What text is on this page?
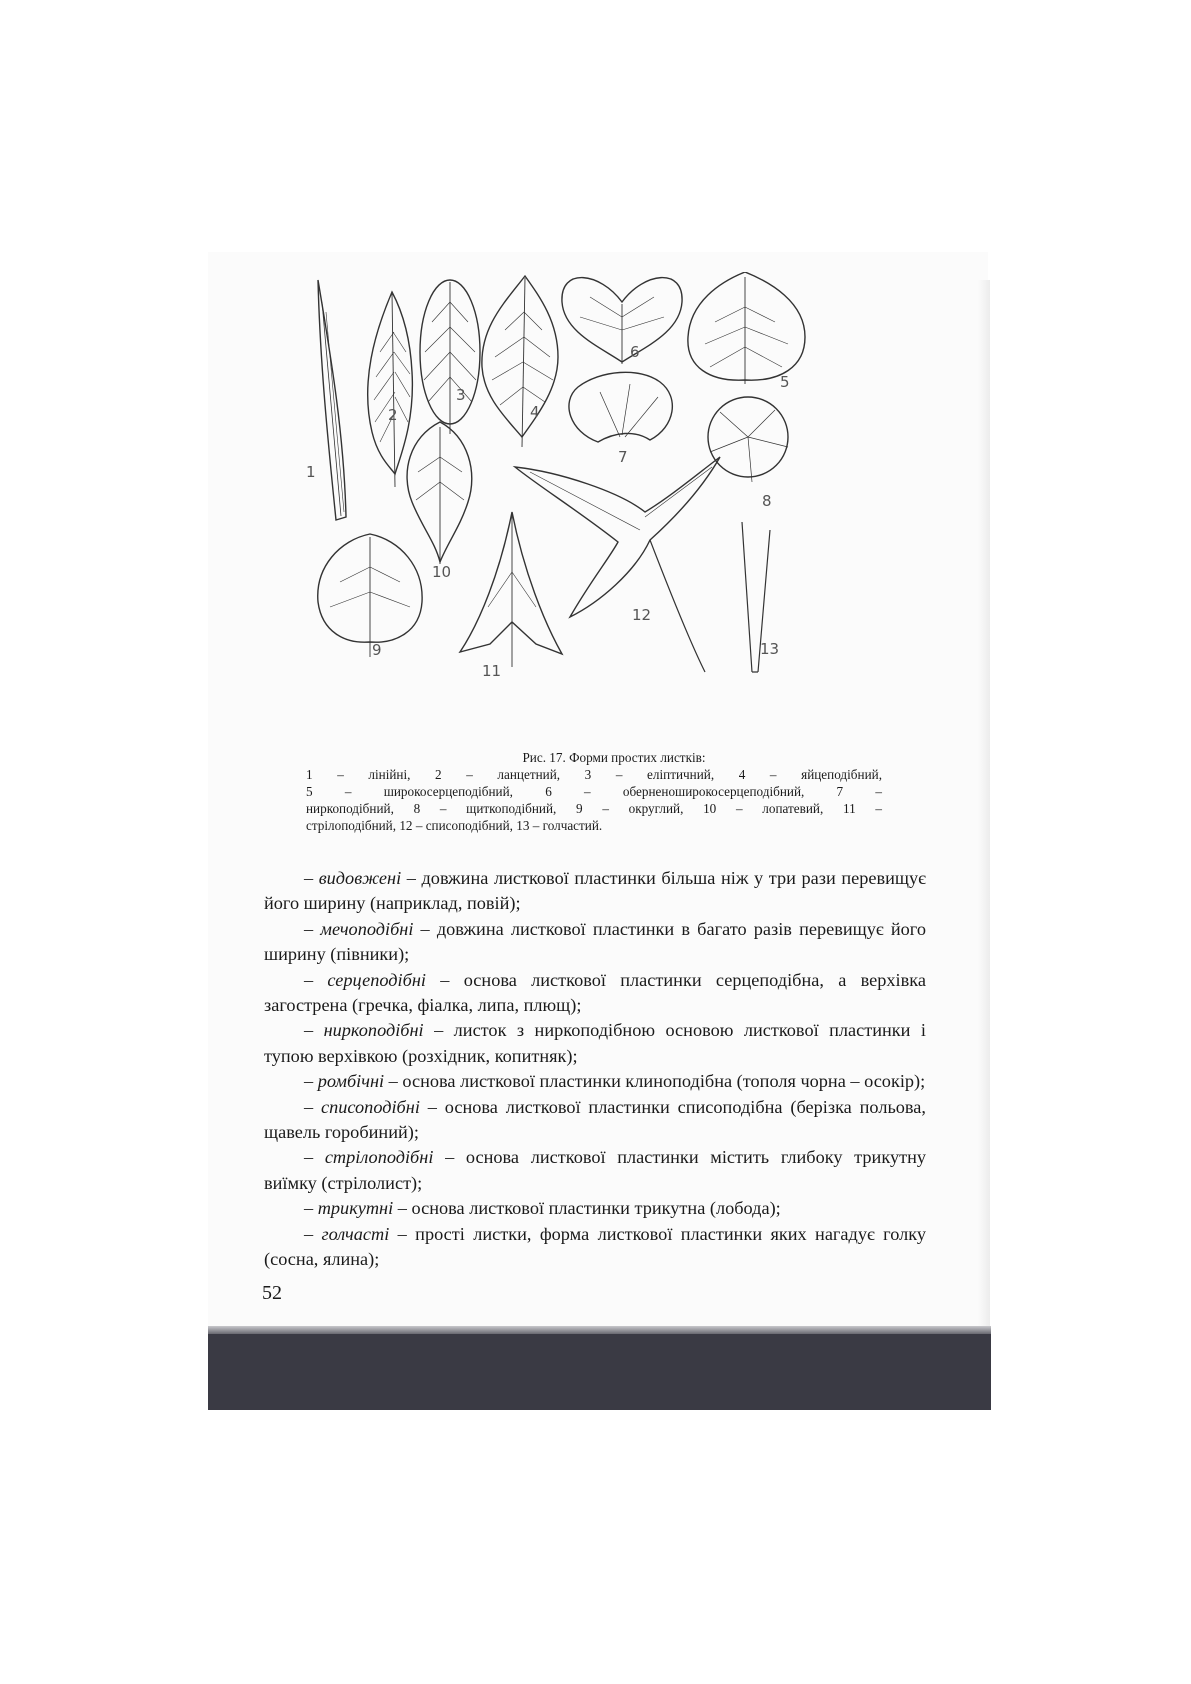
1
2
3
4
5
6
7
8
9
10
11
12
13
Рис. 17. Форми простих листків:
1 – лінійні, 2 – ланцетний, 3 – еліптичний, 4 – яйцеподібний,
5 – широкосерцеподібний, 6 – оберненоширокосерцеподібний, 7 –
ниркоподібний, 8 – щиткоподібний, 9 – округлий, 10 – лопатевий, 11 –
стрілоподібний, 12 – списоподібний, 13 – голчастий.

– видовжені – довжина листкової пластинки більша ніж у три рази перевищує його ширину (наприклад, повій);

– мечоподібні – довжина листкової пластинки в багато разів перевищує його ширину (півники);

– серцеподібні – основа листкової пластинки серцеподібна, а верхівка загострена (гречка, фіалка, липа, плющ);

– ниркоподібні – листок з ниркоподібною основою листкової пластинки і тупою верхівкою (розхідник, копитняк);

– ромбічні – основа листкової пластинки клиноподібна (тополя чорна – осокір);

– списоподібні – основа листкової пластинки списоподібна (берізка польова, щавель горобиний);

– стрілоподібні – основа листкової пластинки містить глибоку трикутну виїмку (стрілолист);

– трикутні – основа листкової пластинки трикутна (лобода);

– голчасті – прості листки, форма листкової пластинки яких нагадує голку (сосна, ялина);

52
